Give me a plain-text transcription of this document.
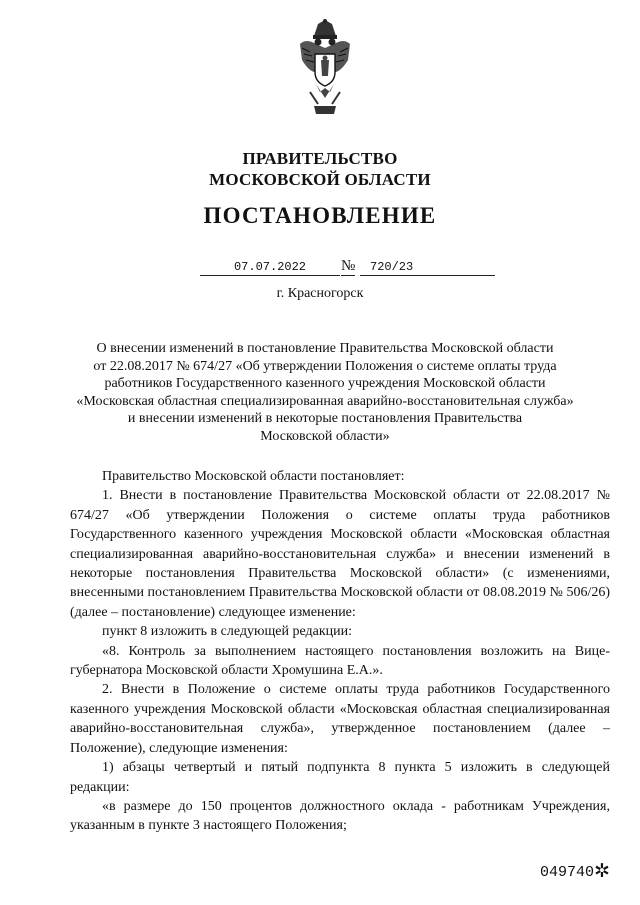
ПРАВИТЕЛЬСТВО
МОСКОВСКОЙ ОБЛАСТИ
ПОСТАНОВЛЕНИЕ
07.07.2022	№	720/23
г. Красногорск
О внесении изменений в постановление Правительства Московской области
от 22.08.2017 № 674/27 «Об утверждении Положения о системе оплаты труда
работников Государственного казенного учреждения Московской области
«Московская областная специализированная аварийно-восстановительная служба»
и внесении изменений в некоторые постановления Правительства
Московской области»

Правительство Московской области постановляет:

1. Внести в постановление Правительства Московской области от 22.08.2017 № 674/27 «Об утверждении Положения о системе оплаты труда работников Государственного казенного учреждения Московской области «Московская областная специализированная аварийно-восстановительная служба» и внесении изменений в некоторые постановления Правительства Московской области» (с изменениями, внесенными постановлением Правительства Московской области от 08.08.2019 № 506/26) (далее – постановление) следующее изменение:

пункт 8 изложить в следующей редакции:

«8. Контроль за выполнением настоящего постановления возложить на Вице-губернатора Московской области Хромушина Е.А.».

2. Внести в Положение о системе оплаты труда работников Государственного казенного учреждения Московской области «Московская областная специализированная аварийно-восстановительная служба», утвержденное постановлением (далее – Положение), следующие изменения:

1) абзацы четвертый и пятый подпункта 8 пункта 5 изложить в следующей редакции:

«в размере до 150 процентов должностного оклада - работникам Учреждения, указанным в пункте 3 настоящего Положения;

049740 ✲
